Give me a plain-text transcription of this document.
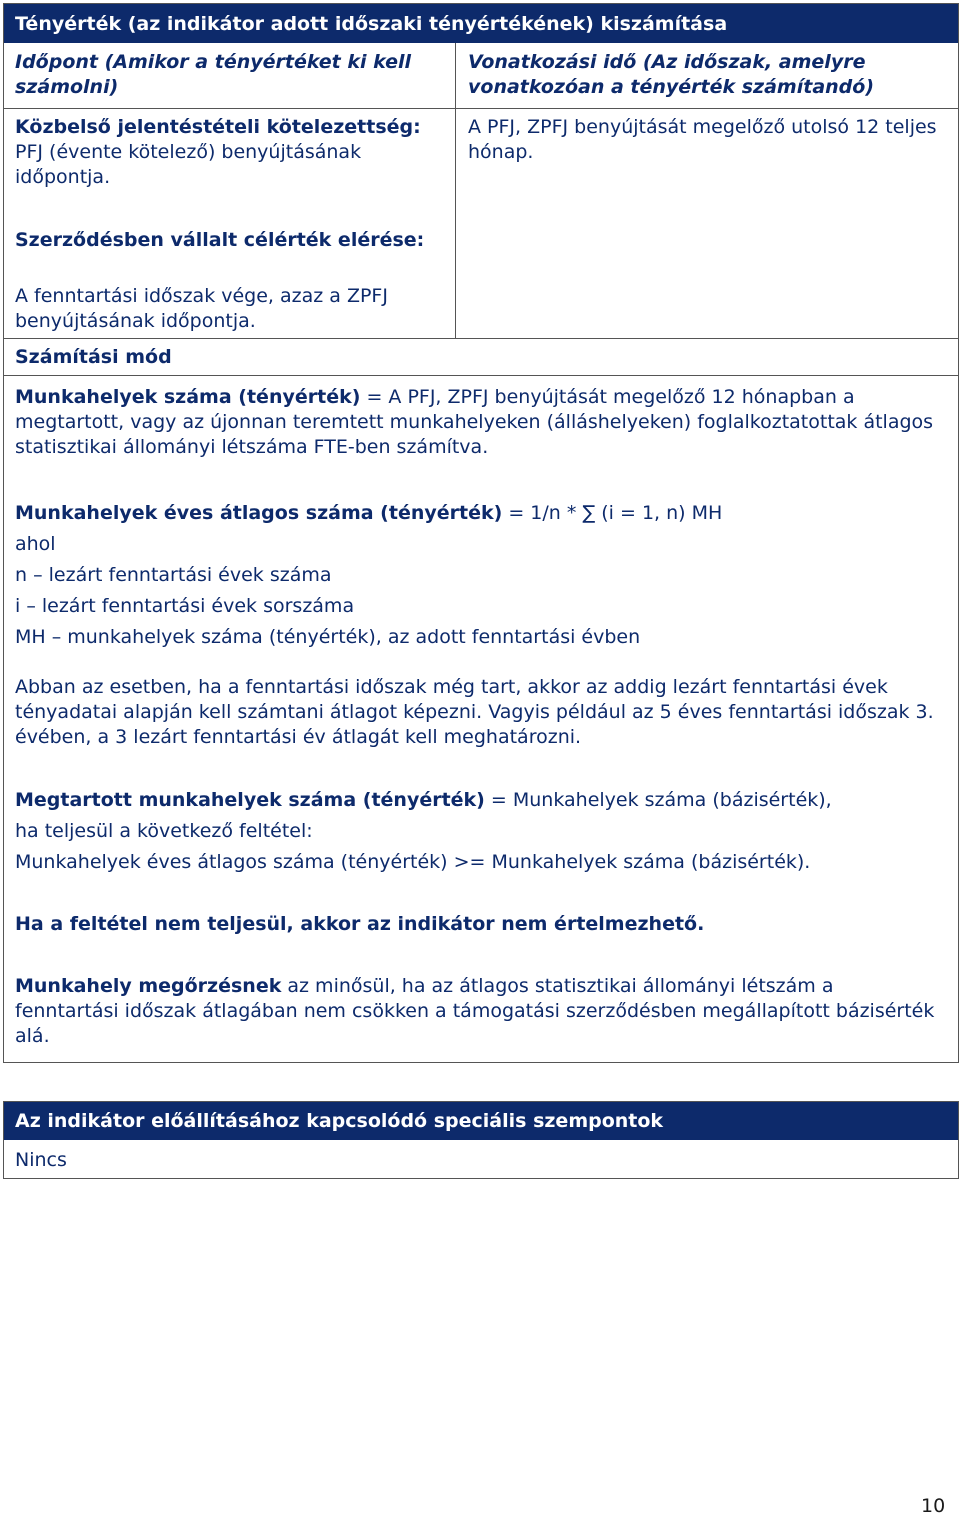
Tényérték (az indikátor adott időszaki tényértékének) kiszámítása
Időpont (Amikor a tényértéket ki kell számolni)
Vonatkozási idő (Az időszak, amelyre vonatkozóan a tényérték számítandó)
Közbelső jelentéstételi kötelezettség: PFJ (évente kötelező) benyújtásának időpontja.
Szerződésben vállalt célérték elérése:
A fenntartási időszak vége, azaz a ZPFJ benyújtásának időpontja.
A PFJ, ZPFJ benyújtását megelőző utolsó 12 teljes hónap.
Számítási mód

Munkahelyek száma (tényérték) = A PFJ, ZPFJ benyújtását megelőző 12 hónapban a megtartott, vagy az újonnan teremtett munkahelyeken (álláshelyeken) foglalkoztatottak átlagos statisztikai állományi létszáma FTE-ben számítva.

Munkahelyek éves átlagos száma (tényérték) = 1/n * ∑ (i = 1, n) MH

ahol

n – lezárt fenntartási évek száma

i – lezárt fenntartási évek sorszáma

MH – munkahelyek száma (tényérték), az adott fenntartási évben

Abban az esetben, ha a fenntartási időszak még tart, akkor az addig lezárt fenntartási évek tényadatai alapján kell számtani átlagot képezni. Vagyis például az 5 éves fenntartási időszak 3. évében, a 3 lezárt fenntartási év átlagát kell meghatározni.

Megtartott munkahelyek száma (tényérték) = Munkahelyek száma (bázisérték),

ha teljesül a következő feltétel:

Munkahelyek éves átlagos száma (tényérték) >= Munkahelyek száma (bázisérték).

Ha a feltétel nem teljesül, akkor az indikátor nem értelmezhető.

Munkahely megőrzésnek az minősül, ha az átlagos statisztikai állományi létszám a fenntartási időszak átlagában nem csökken a támogatási szerződésben megállapított bázisérték alá.

Az indikátor előállításához kapcsolódó speciális szempontok
Nincs
10
